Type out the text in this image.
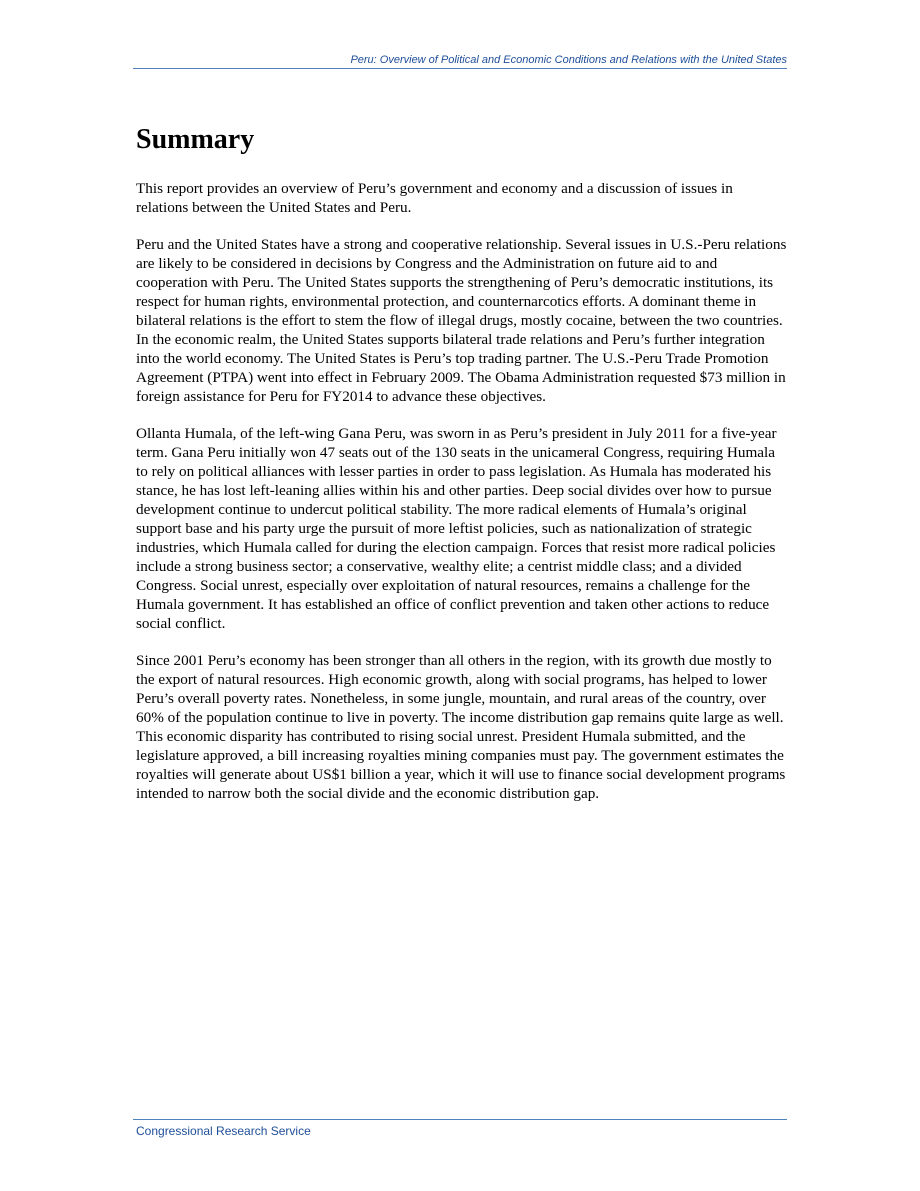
Peru: Overview of Political and Economic Conditions and Relations with the United States
Summary

This report provides an overview of Peru’s government and economy and a discussion of issues in relations between the United States and Peru.

Peru and the United States have a strong and cooperative relationship. Several issues in U.S.-Peru relations are likely to be considered in decisions by Congress and the Administration on future aid to and cooperation with Peru. The United States supports the strengthening of Peru’s democratic institutions, its respect for human rights, environmental protection, and counternarcotics efforts. A dominant theme in bilateral relations is the effort to stem the flow of illegal drugs, mostly cocaine, between the two countries. In the economic realm, the United States supports bilateral trade relations and Peru’s further integration into the world economy. The United States is Peru’s top trading partner. The U.S.-Peru Trade Promotion Agreement (PTPA) went into effect in February 2009. The Obama Administration requested $73 million in foreign assistance for Peru for FY2014 to advance these objectives.

Ollanta Humala, of the left-wing Gana Peru, was sworn in as Peru’s president in July 2011 for a five-year term. Gana Peru initially won 47 seats out of the 130 seats in the unicameral Congress, requiring Humala to rely on political alliances with lesser parties in order to pass legislation. As Humala has moderated his stance, he has lost left-leaning allies within his and other parties. Deep social divides over how to pursue development continue to undercut political stability. The more radical elements of Humala’s original support base and his party urge the pursuit of more leftist policies, such as nationalization of strategic industries, which Humala called for during the election campaign. Forces that resist more radical policies include a strong business sector; a conservative, wealthy elite; a centrist middle class; and a divided Congress. Social unrest, especially over exploitation of natural resources, remains a challenge for the Humala government. It has established an office of conflict prevention and taken other actions to reduce social conflict.

Since 2001 Peru’s economy has been stronger than all others in the region, with its growth due mostly to the export of natural resources. High economic growth, along with social programs, has helped to lower Peru’s overall poverty rates. Nonetheless, in some jungle, mountain, and rural areas of the country, over 60% of the population continue to live in poverty. The income distribution gap remains quite large as well. This economic disparity has contributed to rising social unrest. President Humala submitted, and the legislature approved, a bill increasing royalties mining companies must pay. The government estimates the royalties will generate about US$1 billion a year, which it will use to finance social development programs intended to narrow both the social divide and the economic distribution gap.

Congressional Research Service
